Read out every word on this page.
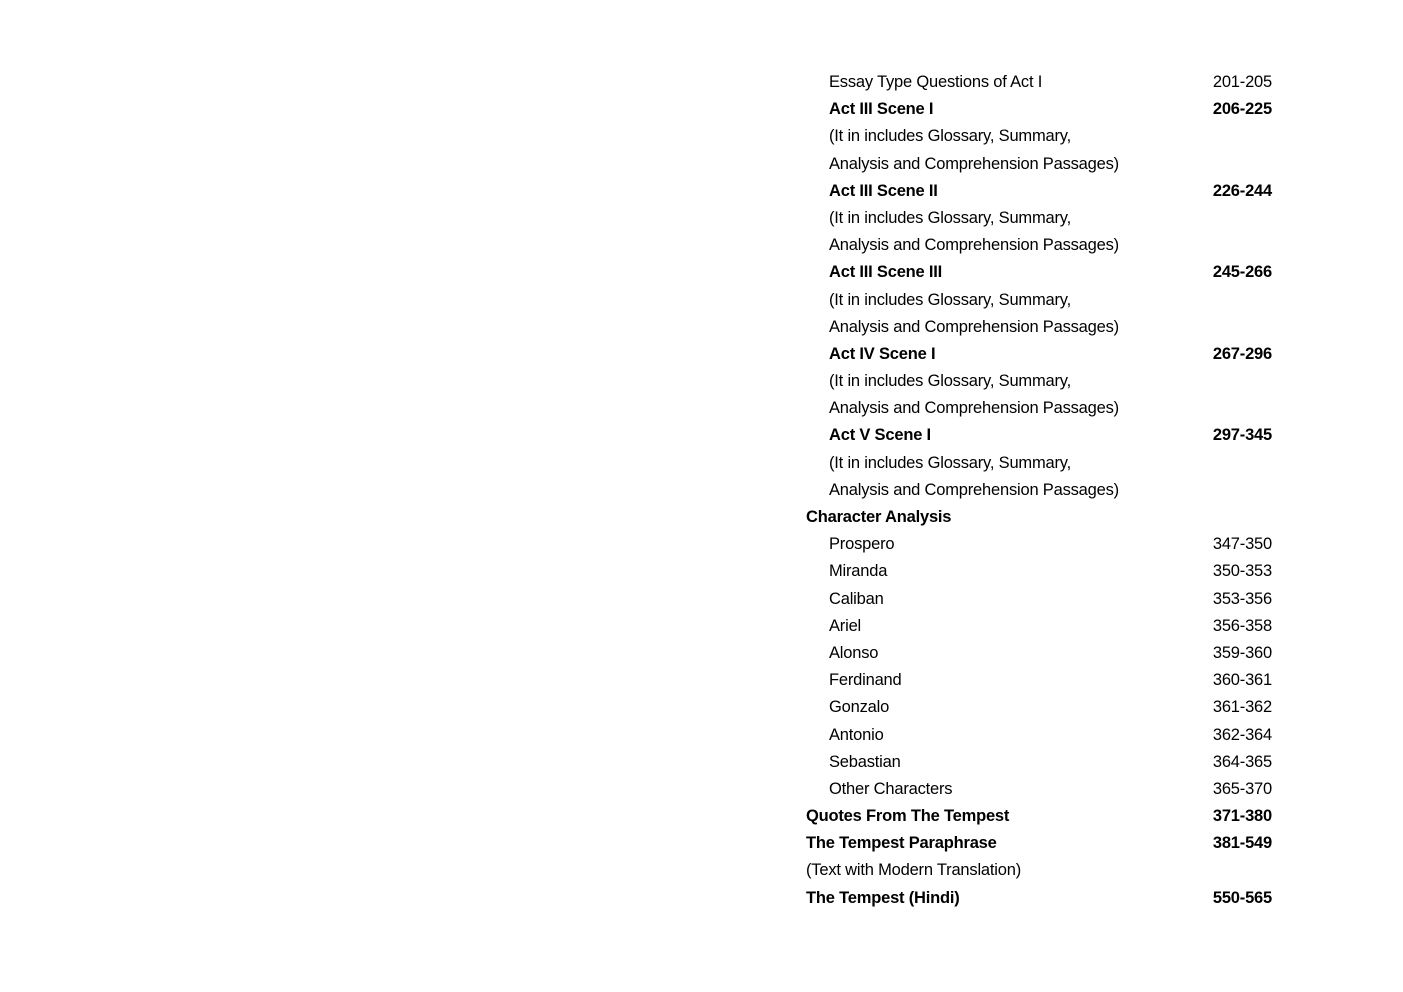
Essay Type Questions of Act I	201-205
Act III Scene I	206-225
(It in includes Glossary, Summary,
Analysis and Comprehension Passages)
Act III Scene II	226-244
(It in includes Glossary, Summary,
Analysis and Comprehension Passages)
Act III Scene III	245-266
(It in includes Glossary, Summary,
Analysis and Comprehension Passages)
Act IV Scene I	267-296
(It in includes Glossary, Summary,
Analysis and Comprehension Passages)
Act V Scene I	297-345
(It in includes Glossary, Summary,
Analysis and Comprehension Passages)
Character Analysis
Prospero	347-350
Miranda	350-353
Caliban	353-356
Ariel	356-358
Alonso	359-360
Ferdinand	360-361
Gonzalo	361-362
Antonio	362-364
Sebastian	364-365
Other Characters	365-370
Quotes From The Tempest	371-380
The Tempest Paraphrase	381-549
(Text with Modern Translation)
The Tempest (Hindi)	550-565
